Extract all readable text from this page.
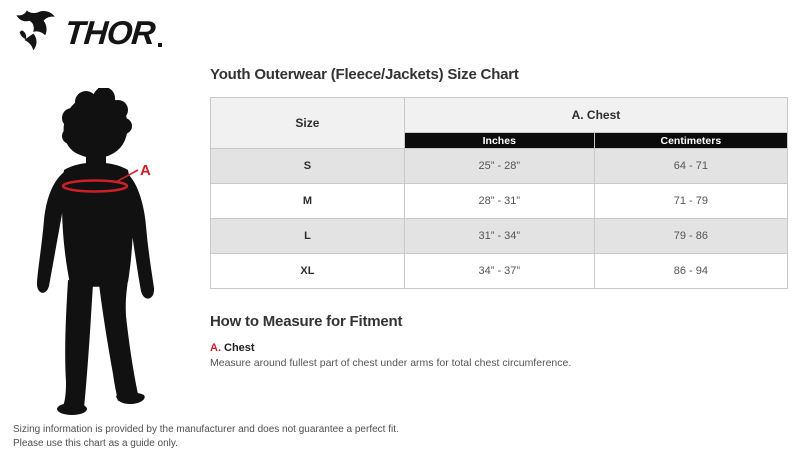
THOR
A
Youth Outerwear (Fleece/Jackets) Size Chart
Size	A. Chest	
	Inches	Centimeters
S	25” - 28”	64 - 71
M	28” - 31”	71 - 79
L	31” - 34”	79 - 86
XL	34” - 37”	86 - 94
How to Measure for Fitment
A. Chest
Measure around fullest part of chest under arms for total chest circumference.
Sizing information is provided by the manufacturer and does not guarantee a perfect fit.
Please use this chart as a guide only.
